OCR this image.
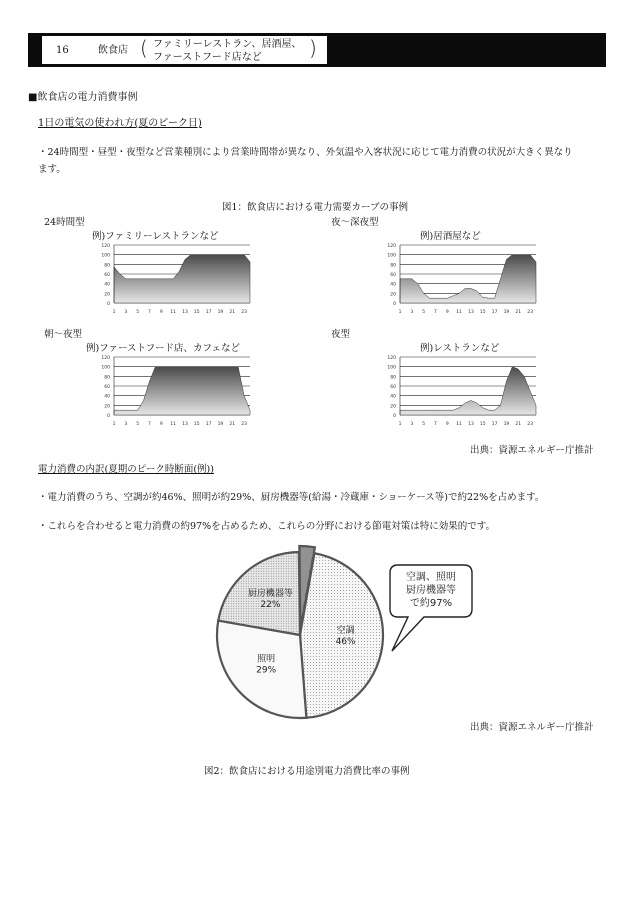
16	飲食店 ( ファミリーレストラン、居酒屋、
ファーストフード店など )
■飲食店の電力消費事例
1日の電気の使われ方(夏のピーク日)
・24時間型・昼型・夜型など営業種別により営業時間帯が異なり、外気温や入客状況に応じて電力消費の状況が大きく異なり
ます。
図1：飲食店における電力需要カーブの事例
24時間型
例)ファミリーレストランなど
夜〜深夜型
例)居酒屋など
朝〜夜型
例)ファーストフード店、カフェなど
夜型
例)レストランなど
0
20
40
60
80
100
120
1 3 5 7 9 11 13 15 17 19 21 23
0
20
40
60
80
100
120
1 3 5 7 9 11 13 15 17 19 21 23
0
20
40
60
80
100
120
1 3 5 7 9 11 13 15 17 19 21 23
0
20
40
60
80
100
120
1 3 5 7 9 11 13 15 17 19 21 23
出典：資源エネルギー庁推計
電力消費の内訳(夏期のピーク時断面(例))
・電力消費のうち、空調が約46%、照明が約29%、厨房機器等(給湯・冷蔵庫・ショーケース等)で約22%を占めます。
・これらを合わせると電力消費の約97%を占めるため、これらの分野における節電対策は特に効果的です。
空調 46%
照明 29%
厨房機器等 22%
空調、照明
厨房機器等
で約97%
出典：資源エネルギー庁推計
図2：飲食店における用途別電力消費比率の事例
